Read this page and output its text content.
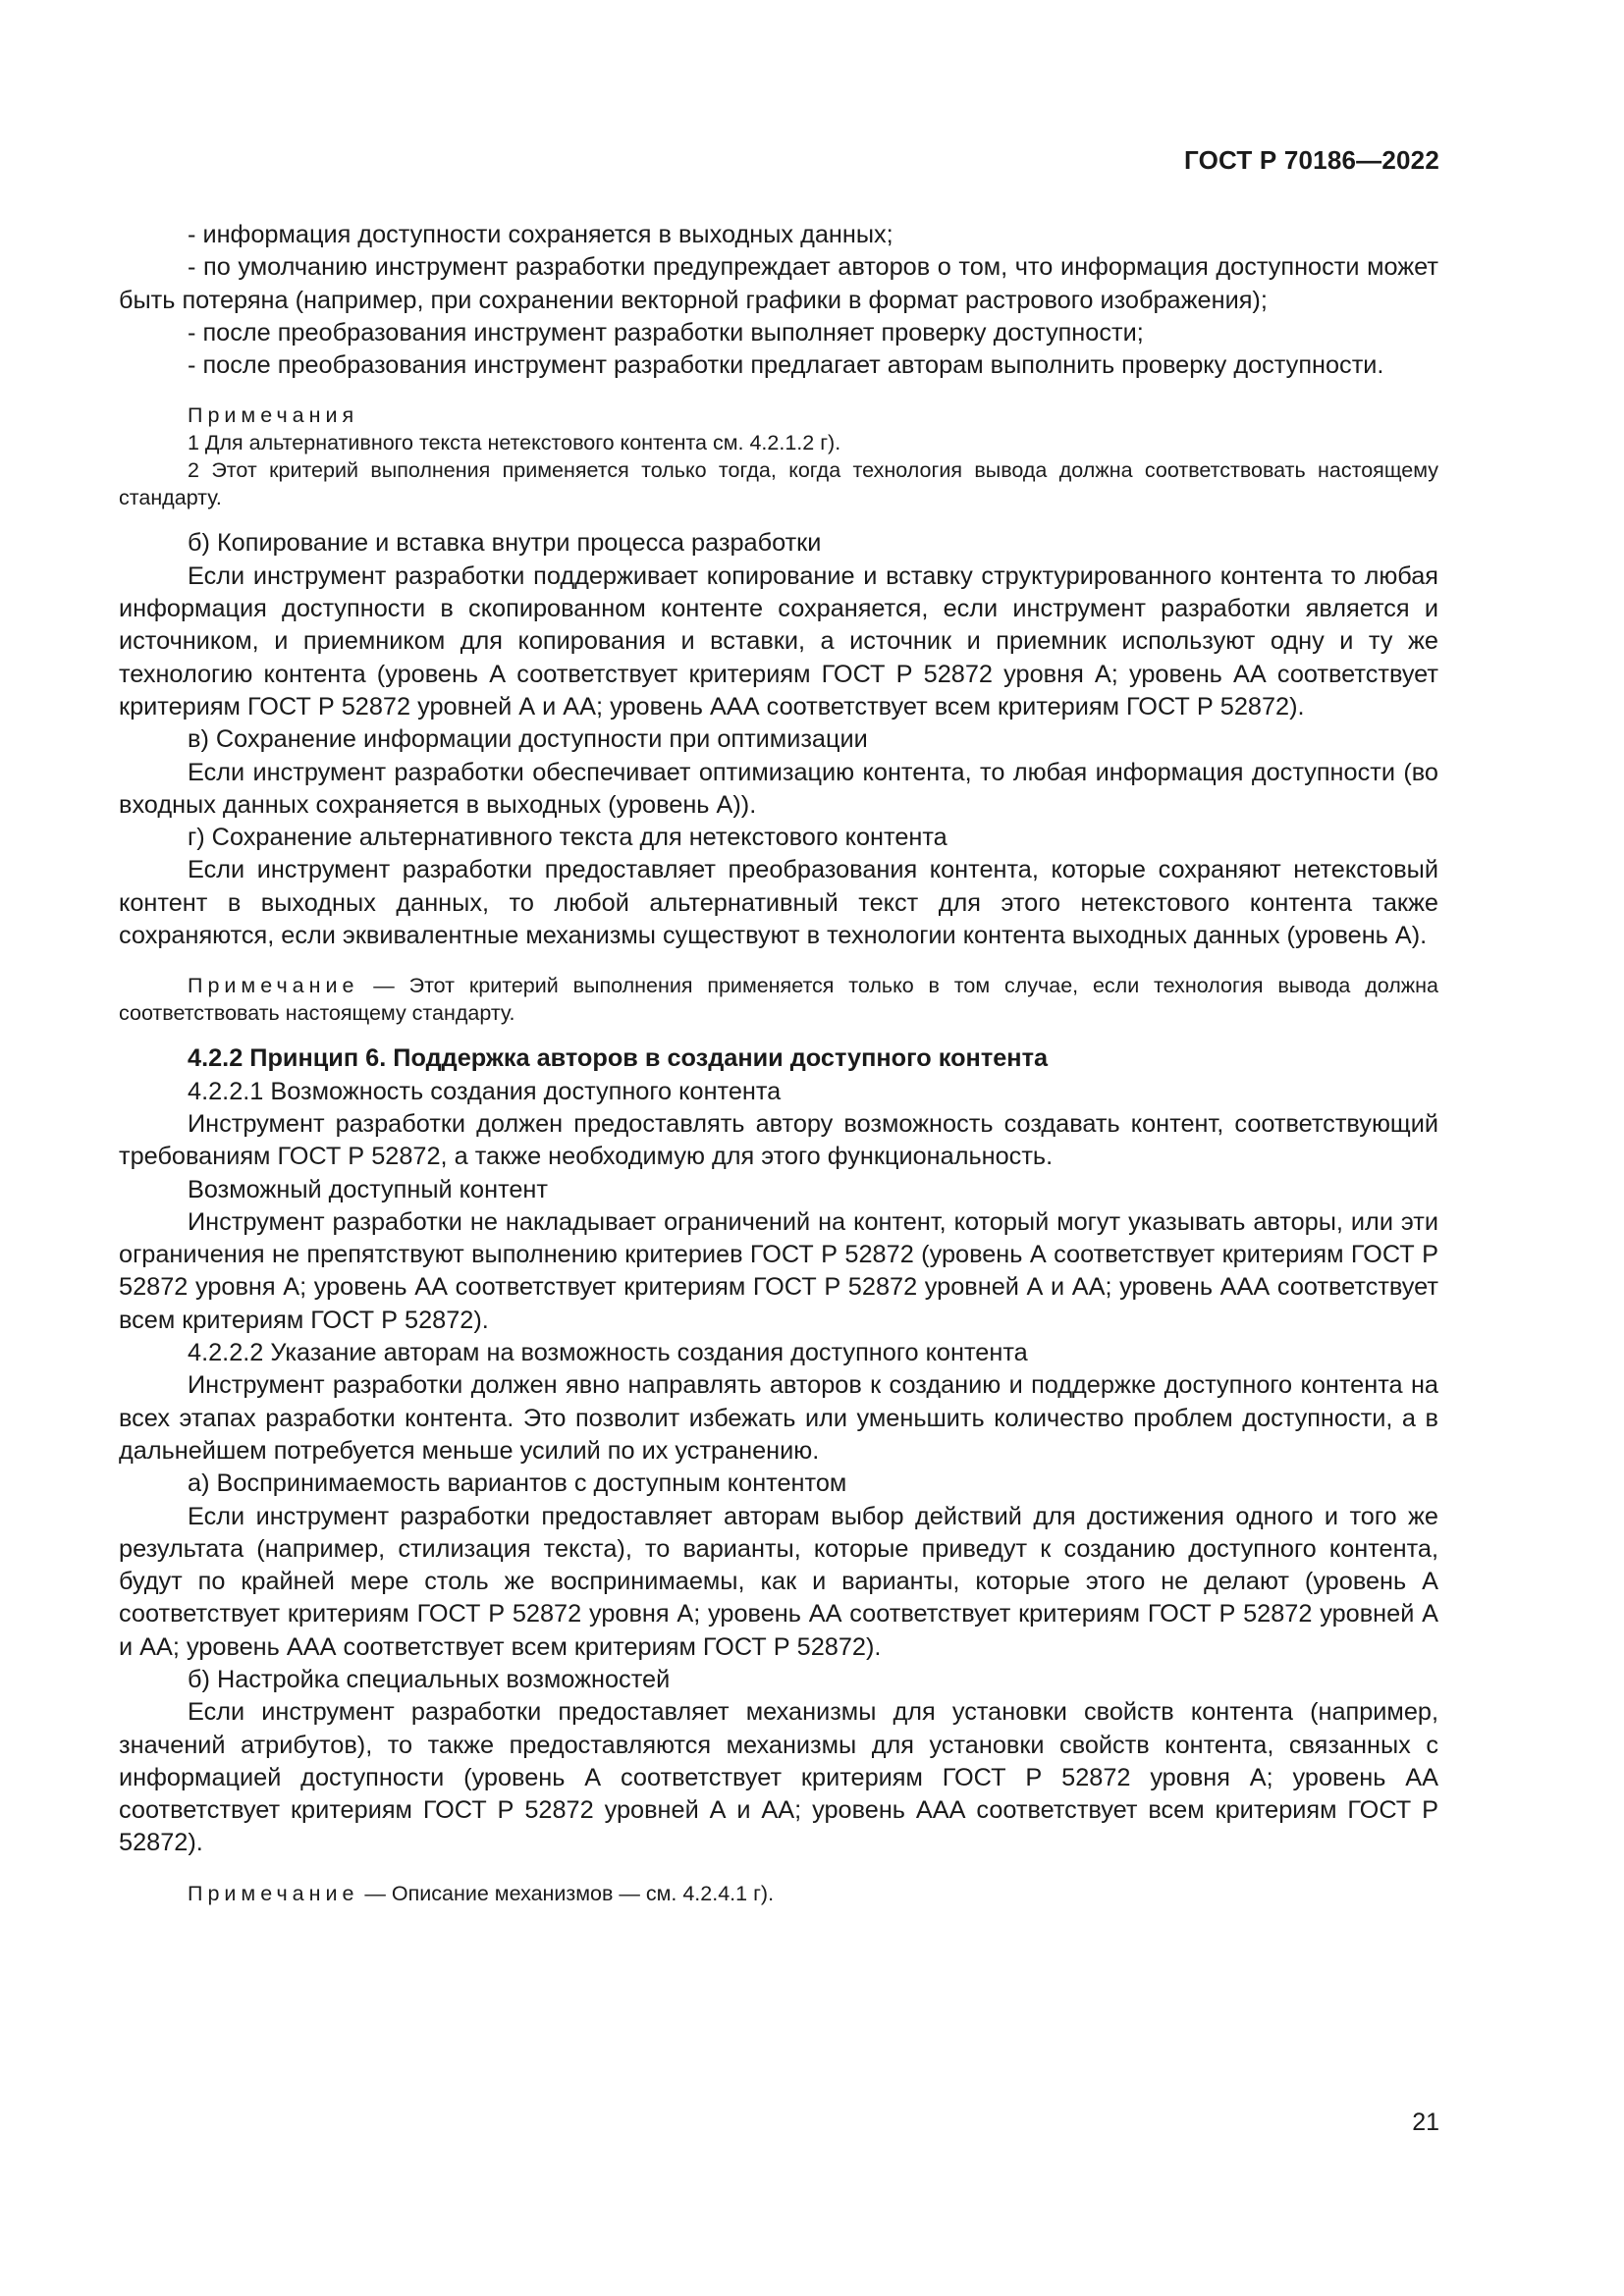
ГОСТ Р 70186—2022

- информация доступности сохраняется в выходных данных;

- по умолчанию инструмент разработки предупреждает авторов о том, что информация доступности может быть потеряна (например, при сохранении векторной графики в формат растрового изображения);

- после преобразования инструмент разработки выполняет проверку доступности;

- после преобразования инструмент разработки предлагает авторам выполнить проверку доступности.

Примечания

1 Для альтернативного текста нетекстового контента см. 4.2.1.2 г).

2 Этот критерий выполнения применяется только тогда, когда технология вывода должна соответствовать настоящему стандарту.

б) Копирование и вставка внутри процесса разработки

Если инструмент разработки поддерживает копирование и вставку структурированного контента то любая информация доступности в скопированном контенте сохраняется, если инструмент разработки является и источником, и приемником для копирования и вставки, а источник и приемник используют одну и ту же технологию контента (уровень А соответствует критериям ГОСТ Р 52872 уровня А; уровень АА соответствует критериям ГОСТ Р 52872 уровней А и АА; уровень ААА соответствует всем критериям ГОСТ Р 52872).

в) Сохранение информации доступности при оптимизации

Если инструмент разработки обеспечивает оптимизацию контента, то любая информация доступности (во входных данных сохраняется в выходных (уровень А)).

г) Сохранение альтернативного текста для нетекстового контента

Если инструмент разработки предоставляет преобразования контента, которые сохраняют нетекстовый контент в выходных данных, то любой альтернативный текст для этого нетекстового контента также сохраняются, если эквивалентные механизмы существуют в технологии контента выходных данных (уровень А).

Примечание — Этот критерий выполнения применяется только в том случае, если технология вывода должна соответствовать настоящему стандарту.

4.2.2 Принцип 6. Поддержка авторов в создании доступного контента

4.2.2.1 Возможность создания доступного контента

Инструмент разработки должен предоставлять автору возможность создавать контент, соответствующий требованиям ГОСТ Р 52872, а также необходимую для этого функциональность.

Возможный доступный контент

Инструмент разработки не накладывает ограничений на контент, который могут указывать авторы, или эти ограничения не препятствуют выполнению критериев ГОСТ Р 52872 (уровень А соответствует критериям ГОСТ Р 52872 уровня А; уровень АА соответствует критериям ГОСТ Р 52872 уровней А и АА; уровень ААА соответствует всем критериям ГОСТ Р 52872).

4.2.2.2 Указание авторам на возможность создания доступного контента

Инструмент разработки должен явно направлять авторов к созданию и поддержке доступного контента на всех этапах разработки контента. Это позволит избежать или уменьшить количество проблем доступности, а в дальнейшем потребуется меньше усилий по их устранению.

а) Воспринимаемость вариантов с доступным контентом

Если инструмент разработки предоставляет авторам выбор действий для достижения одного и того же результата (например, стилизация текста), то варианты, которые приведут к созданию доступного контента, будут по крайней мере столь же воспринимаемы, как и варианты, которые этого не делают (уровень А соответствует критериям ГОСТ Р 52872 уровня А; уровень АА соответствует критериям ГОСТ Р 52872 уровней А и АА; уровень ААА соответствует всем критериям ГОСТ Р 52872).

б) Настройка специальных возможностей

Если инструмент разработки предоставляет механизмы для установки свойств контента (например, значений атрибутов), то также предоставляются механизмы для установки свойств контента, связанных с информацией доступности (уровень А соответствует критериям ГОСТ Р 52872 уровня А; уровень АА соответствует критериям ГОСТ Р 52872 уровней А и АА; уровень ААА соответствует всем критериям ГОСТ Р 52872).

Примечание — Описание механизмов — см. 4.2.4.1 г).

21
